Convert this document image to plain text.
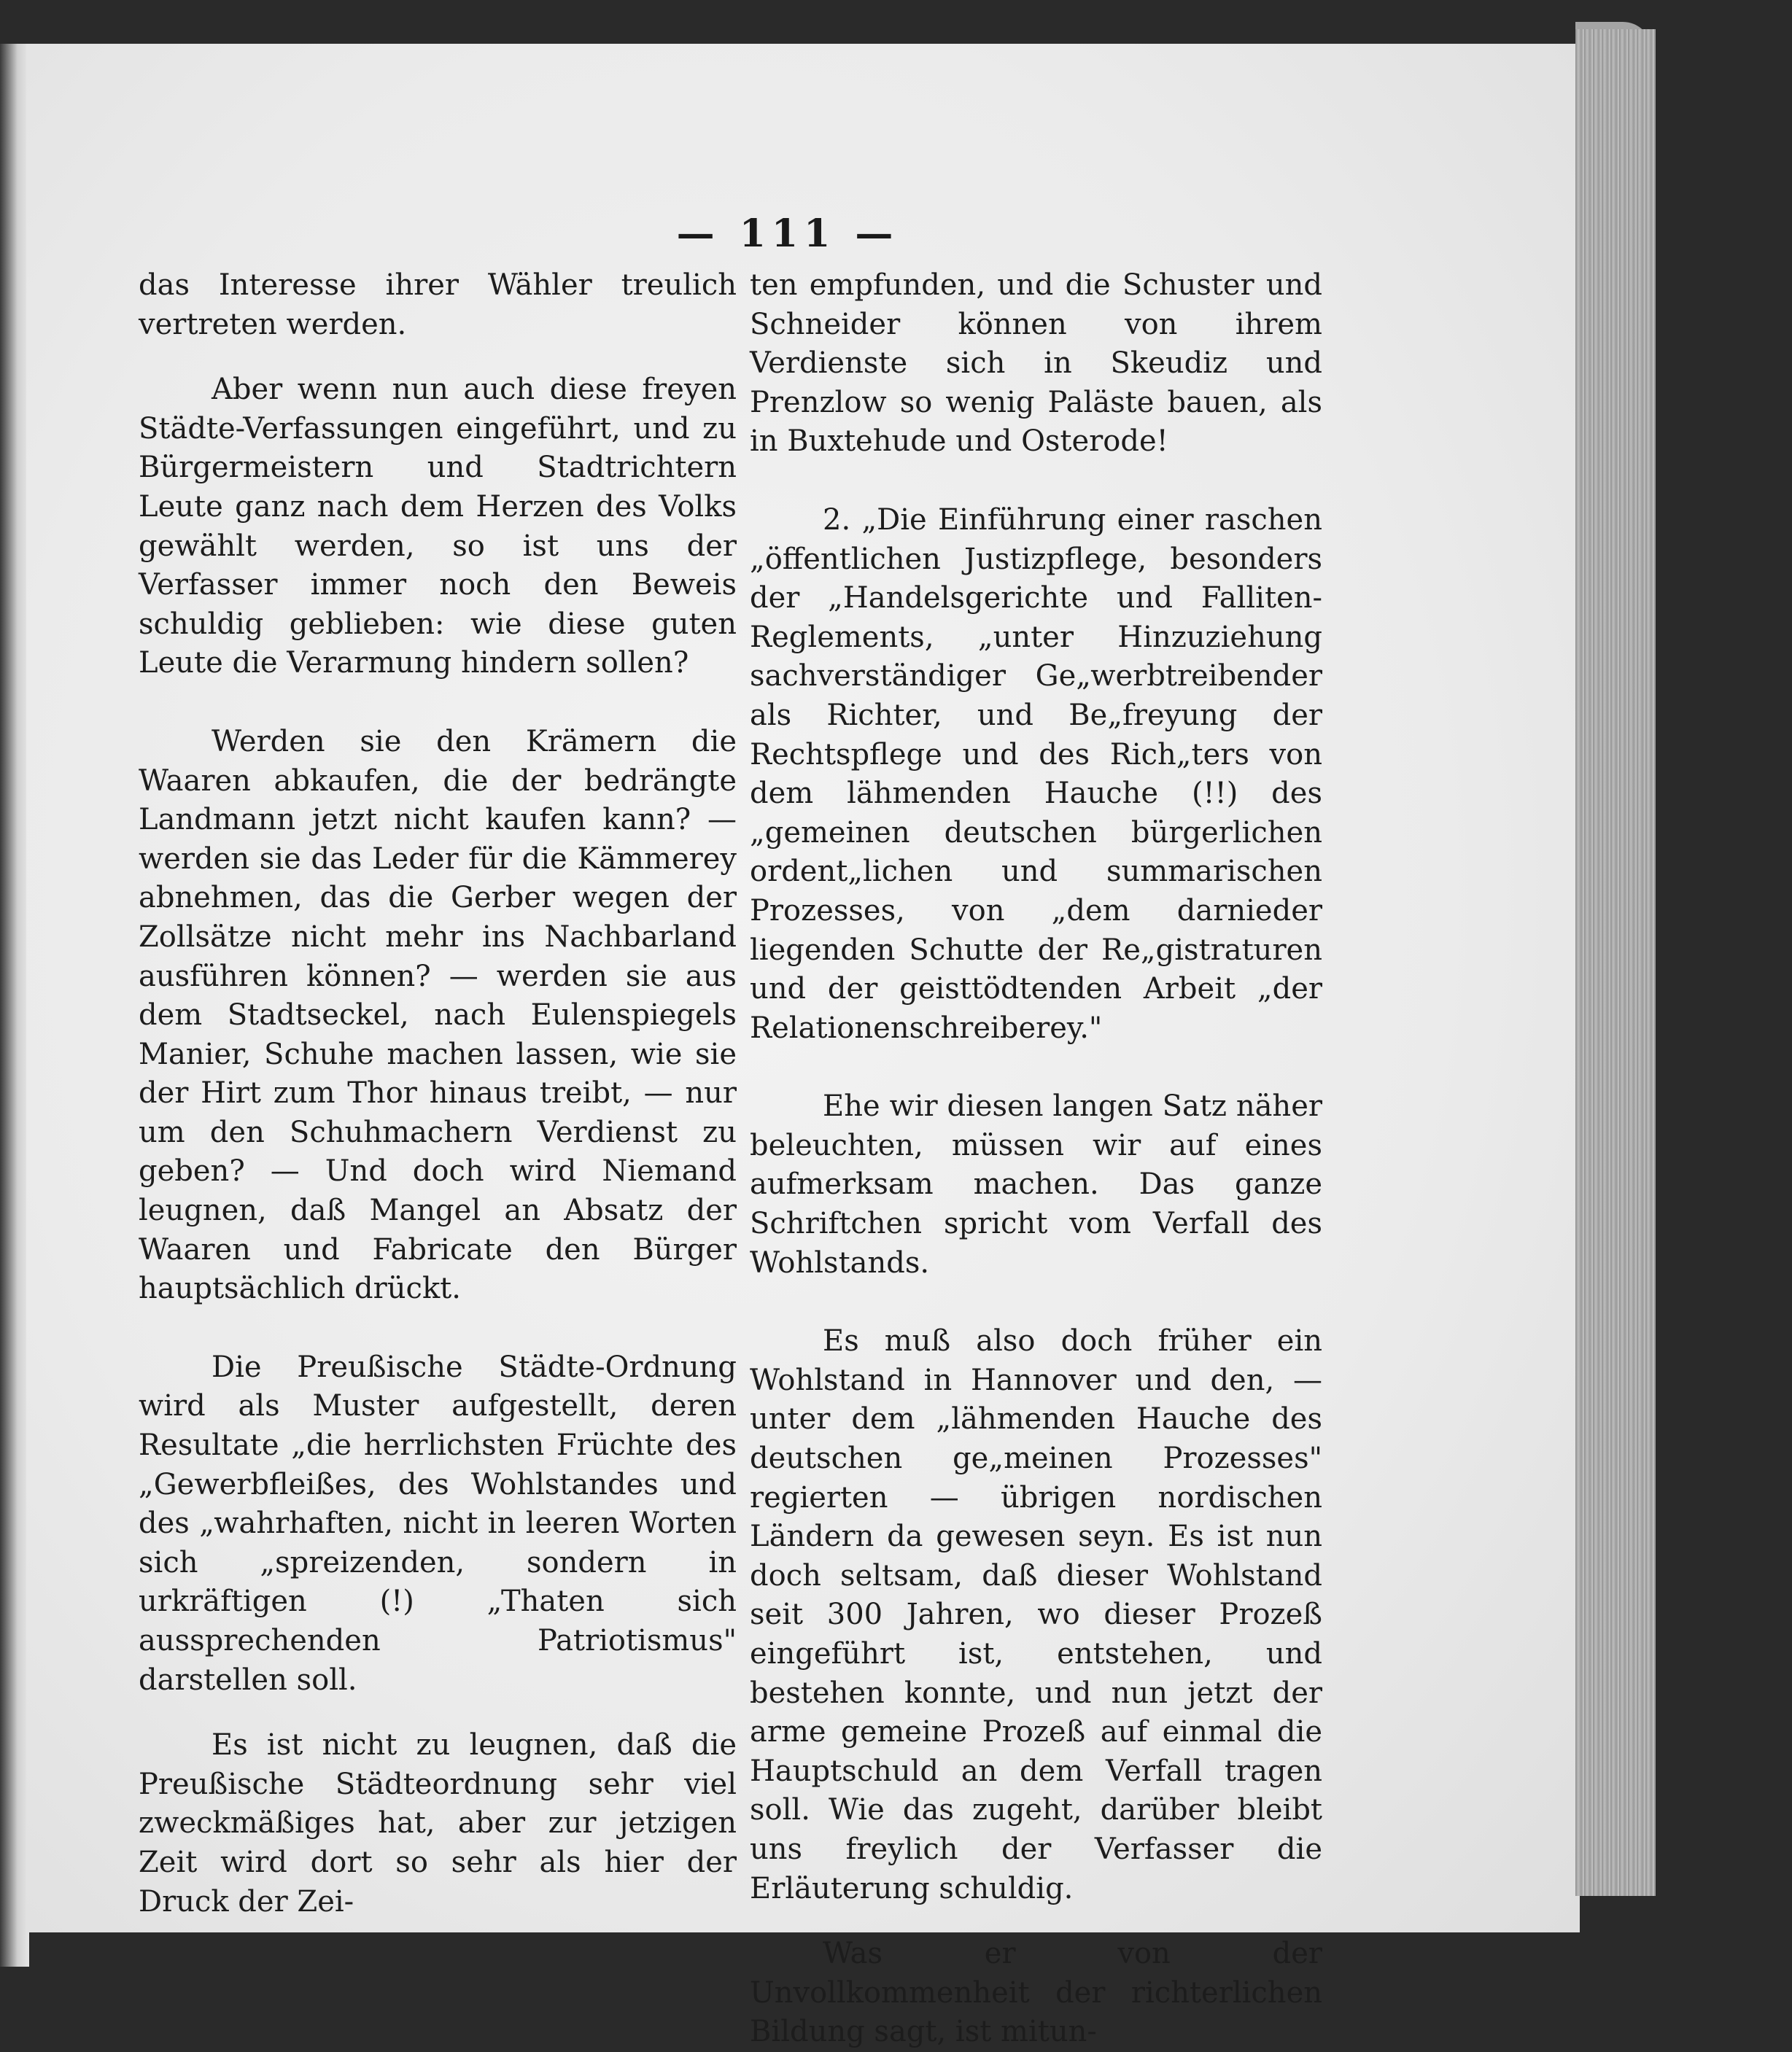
— 111 —

das Interesse ihrer Wähler treulich vertreten werden.

Aber wenn nun auch diese freyen Städte-Verfassungen eingeführt, und zu Bürgermeistern und Stadtrichtern Leute ganz nach dem Herzen des Volks gewählt werden, so ist uns der Verfasser immer noch den Beweis schuldig geblieben: wie diese guten Leute die Verarmung hindern sollen?

Werden sie den Krämern die Waaren abkaufen, die der bedrängte Landmann jetzt nicht kaufen kann? — werden sie das Leder für die Kämmerey abnehmen, das die Gerber wegen der Zollsätze nicht mehr ins Nachbarland ausführen können? — werden sie aus dem Stadtseckel, nach Eulenspiegels Manier, Schuhe machen lassen, wie sie der Hirt zum Thor hinaus treibt, — nur um den Schuhmachern Verdienst zu geben? — Und doch wird Niemand leugnen, daß Mangel an Absatz der Waaren und Fabricate den Bürger hauptsächlich drückt.

Die Preußische Städte-Ordnung wird als Muster aufgestellt, deren Resultate „die herrlichsten Früchte des „Gewerbfleißes, des Wohlstandes und des „wahrhaften, nicht in leeren Worten sich „spreizenden, sondern in urkräftigen (!) „Thaten sich aussprechenden Patriotismus" darstellen soll.

Es ist nicht zu leugnen, daß die Preußische Städteordnung sehr viel zweckmäßiges hat, aber zur jetzigen Zeit wird dort so sehr als hier der Druck der Zei-

ten empfunden, und die Schuster und Schneider können von ihrem Verdienste sich in Skeudiz und Prenzlow so wenig Paläste bauen, als in Buxtehude und Osterode!

2. „Die Einführung einer raschen „öffentlichen Justizpflege, besonders der „Handelsgerichte und Falliten-Reglements, „unter Hinzuziehung sachverständiger Ge„werbtreibender als Richter, und Be„freyung der Rechtspflege und des Rich„ters von dem lähmenden Hauche (!!) des „gemeinen deutschen bürgerlichen ordent„lichen und summarischen Prozesses, von „dem darnieder liegenden Schutte der Re„gistraturen und der geisttödtenden Arbeit „der Relationenschreiberey."

Ehe wir diesen langen Satz näher beleuchten, müssen wir auf eines aufmerksam machen. Das ganze Schriftchen spricht vom Verfall des Wohlstands.

Es muß also doch früher ein Wohlstand in Hannover und den, — unter dem „lähmenden Hauche des deutschen ge„meinen Prozesses" regierten — übrigen nordischen Ländern da gewesen seyn. Es ist nun doch seltsam, daß dieser Wohlstand seit 300 Jahren, wo dieser Prozeß eingeführt ist, entstehen, und bestehen konnte, und nun jetzt der arme gemeine Prozeß auf einmal die Hauptschuld an dem Verfall tragen soll. Wie das zugeht, darüber bleibt uns freylich der Verfasser die Erläuterung schuldig.

Was er von der Unvollkommenheit der richterlichen Bildung sagt, ist mitun-
